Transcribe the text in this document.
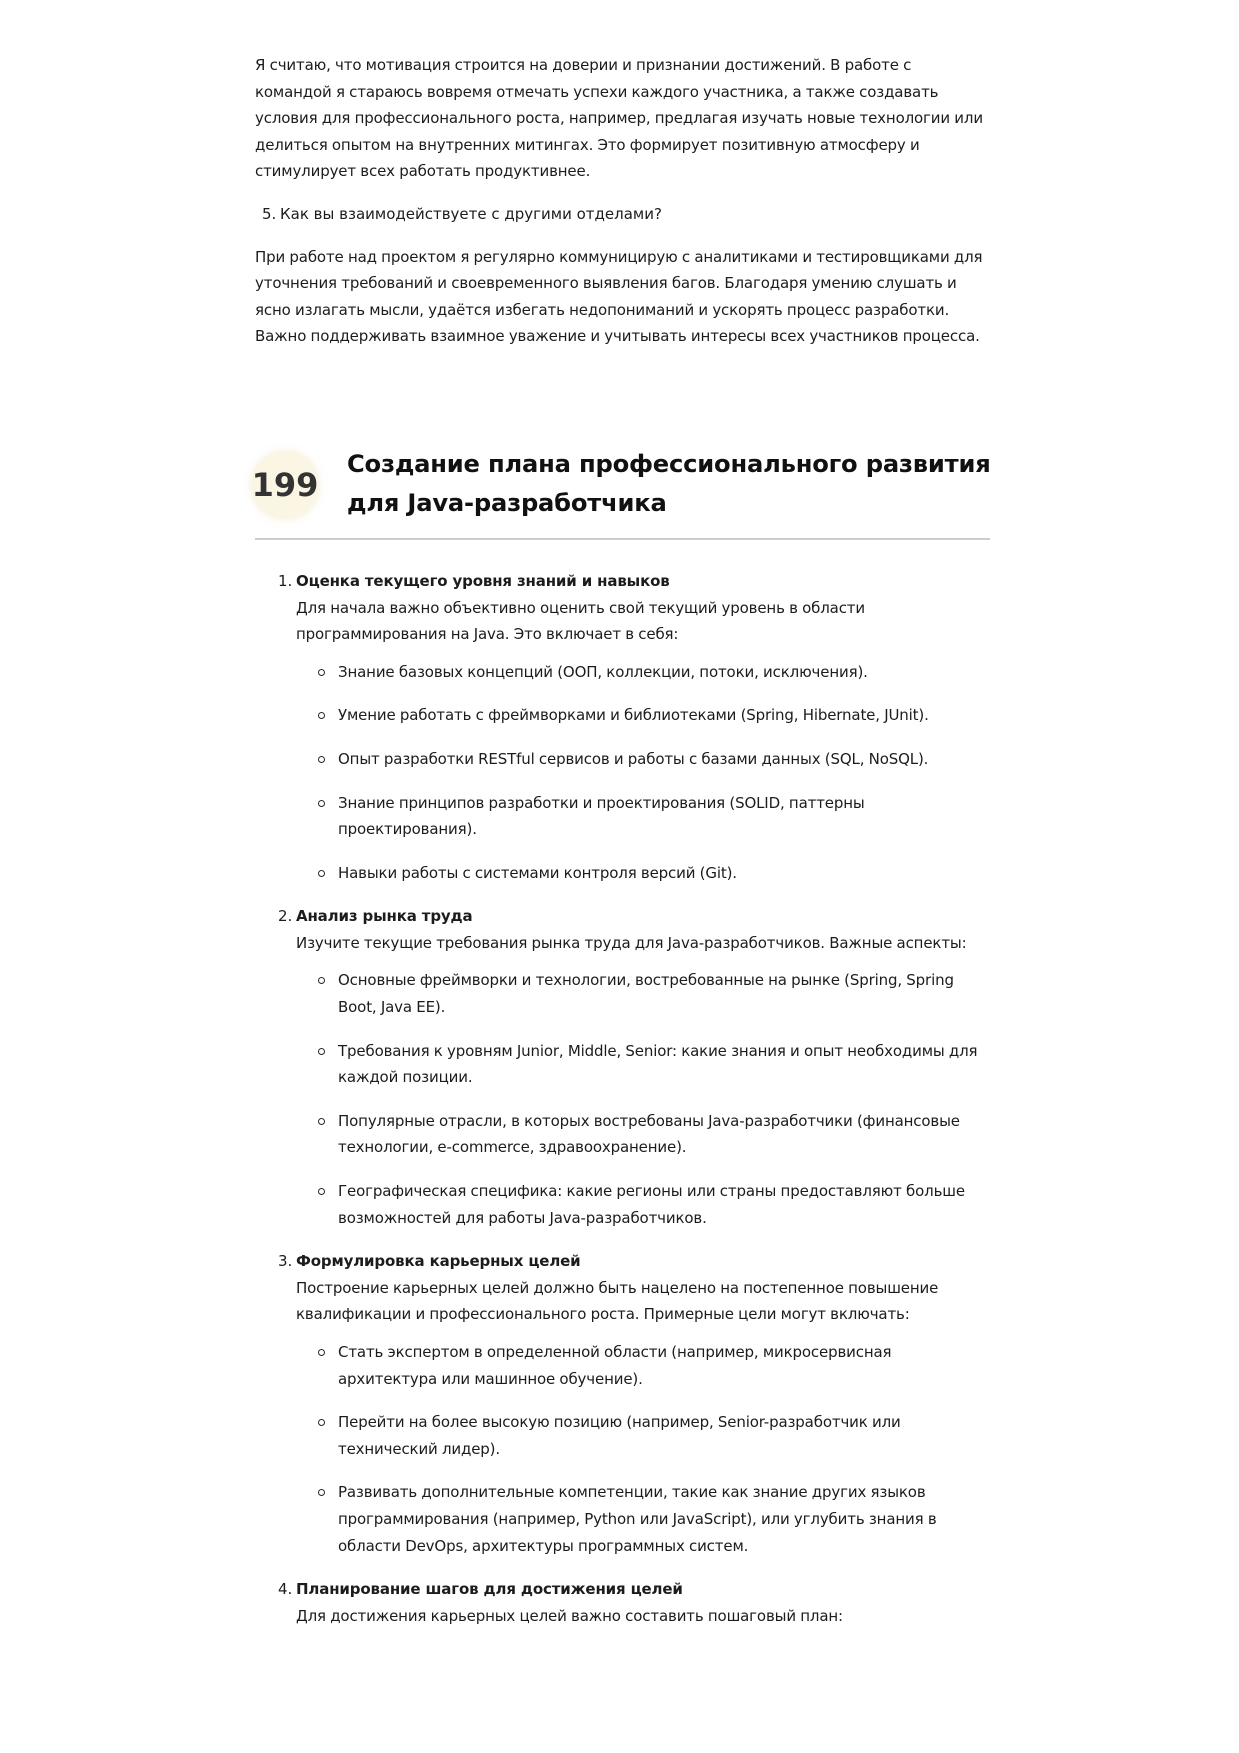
Я считаю, что мотивация строится на доверии и признании достижений. В работе с командой я стараюсь вовремя отмечать успехи каждого участника, а также создавать условия для профессионального роста, например, предлагая изучать новые технологии или делиться опытом на внутренних митингах. Это формирует позитивную атмосферу и стимулирует всех работать продуктивнее.

5. Как вы взаимодействуете с другими отделами?

При работе над проектом я регулярно коммуницирую с аналитиками и тестировщиками для уточнения требований и своевременного выявления багов. Благодаря умению слушать и ясно излагать мысли, удаётся избегать недопониманий и ускорять процесс разработки. Важно поддерживать взаимное уважение и учитывать интересы всех участников процесса.

199
Создание плана профессионального развития для Java-разработчика
1. Оценка текущего уровня знаний и навыков

Для начала важно объективно оценить свой текущий уровень в области программирования на Java. Это включает в себя:

Знание базовых концепций (ООП, коллекции, потоки, исключения).
Умение работать с фреймворками и библиотеками (Spring, Hibernate, JUnit).
Опыт разработки RESTful сервисов и работы с базами данных (SQL, NoSQL).
Знание принципов разработки и проектирования (SOLID, паттерны проектирования).
Навыки работы с системами контроля версий (Git).
2. Анализ рынка труда

Изучите текущие требования рынка труда для Java-разработчиков. Важные аспекты:

Основные фреймворки и технологии, востребованные на рынке (Spring, Spring Boot, Java EE).
Требования к уровням Junior, Middle, Senior: какие знания и опыт необходимы для каждой позиции.
Популярные отрасли, в которых востребованы Java-разработчики (финансовые технологии, e-commerce, здравоохранение).
Географическая специфика: какие регионы или страны предоставляют больше возможностей для работы Java-разработчиков.
3. Формулировка карьерных целей

Построение карьерных целей должно быть нацелено на постепенное повышение квалификации и профессионального роста. Примерные цели могут включать:

Стать экспертом в определенной области (например, микросервисная архитектура или машинное обучение).
Перейти на более высокую позицию (например, Senior-разработчик или технический лидер).
Развивать дополнительные компетенции, такие как знание других языков программирования (например, Python или JavaScript), или углубить знания в области DevOps, архитектуры программных систем.
4. Планирование шагов для достижения целей

Для достижения карьерных целей важно составить пошаговый план:
